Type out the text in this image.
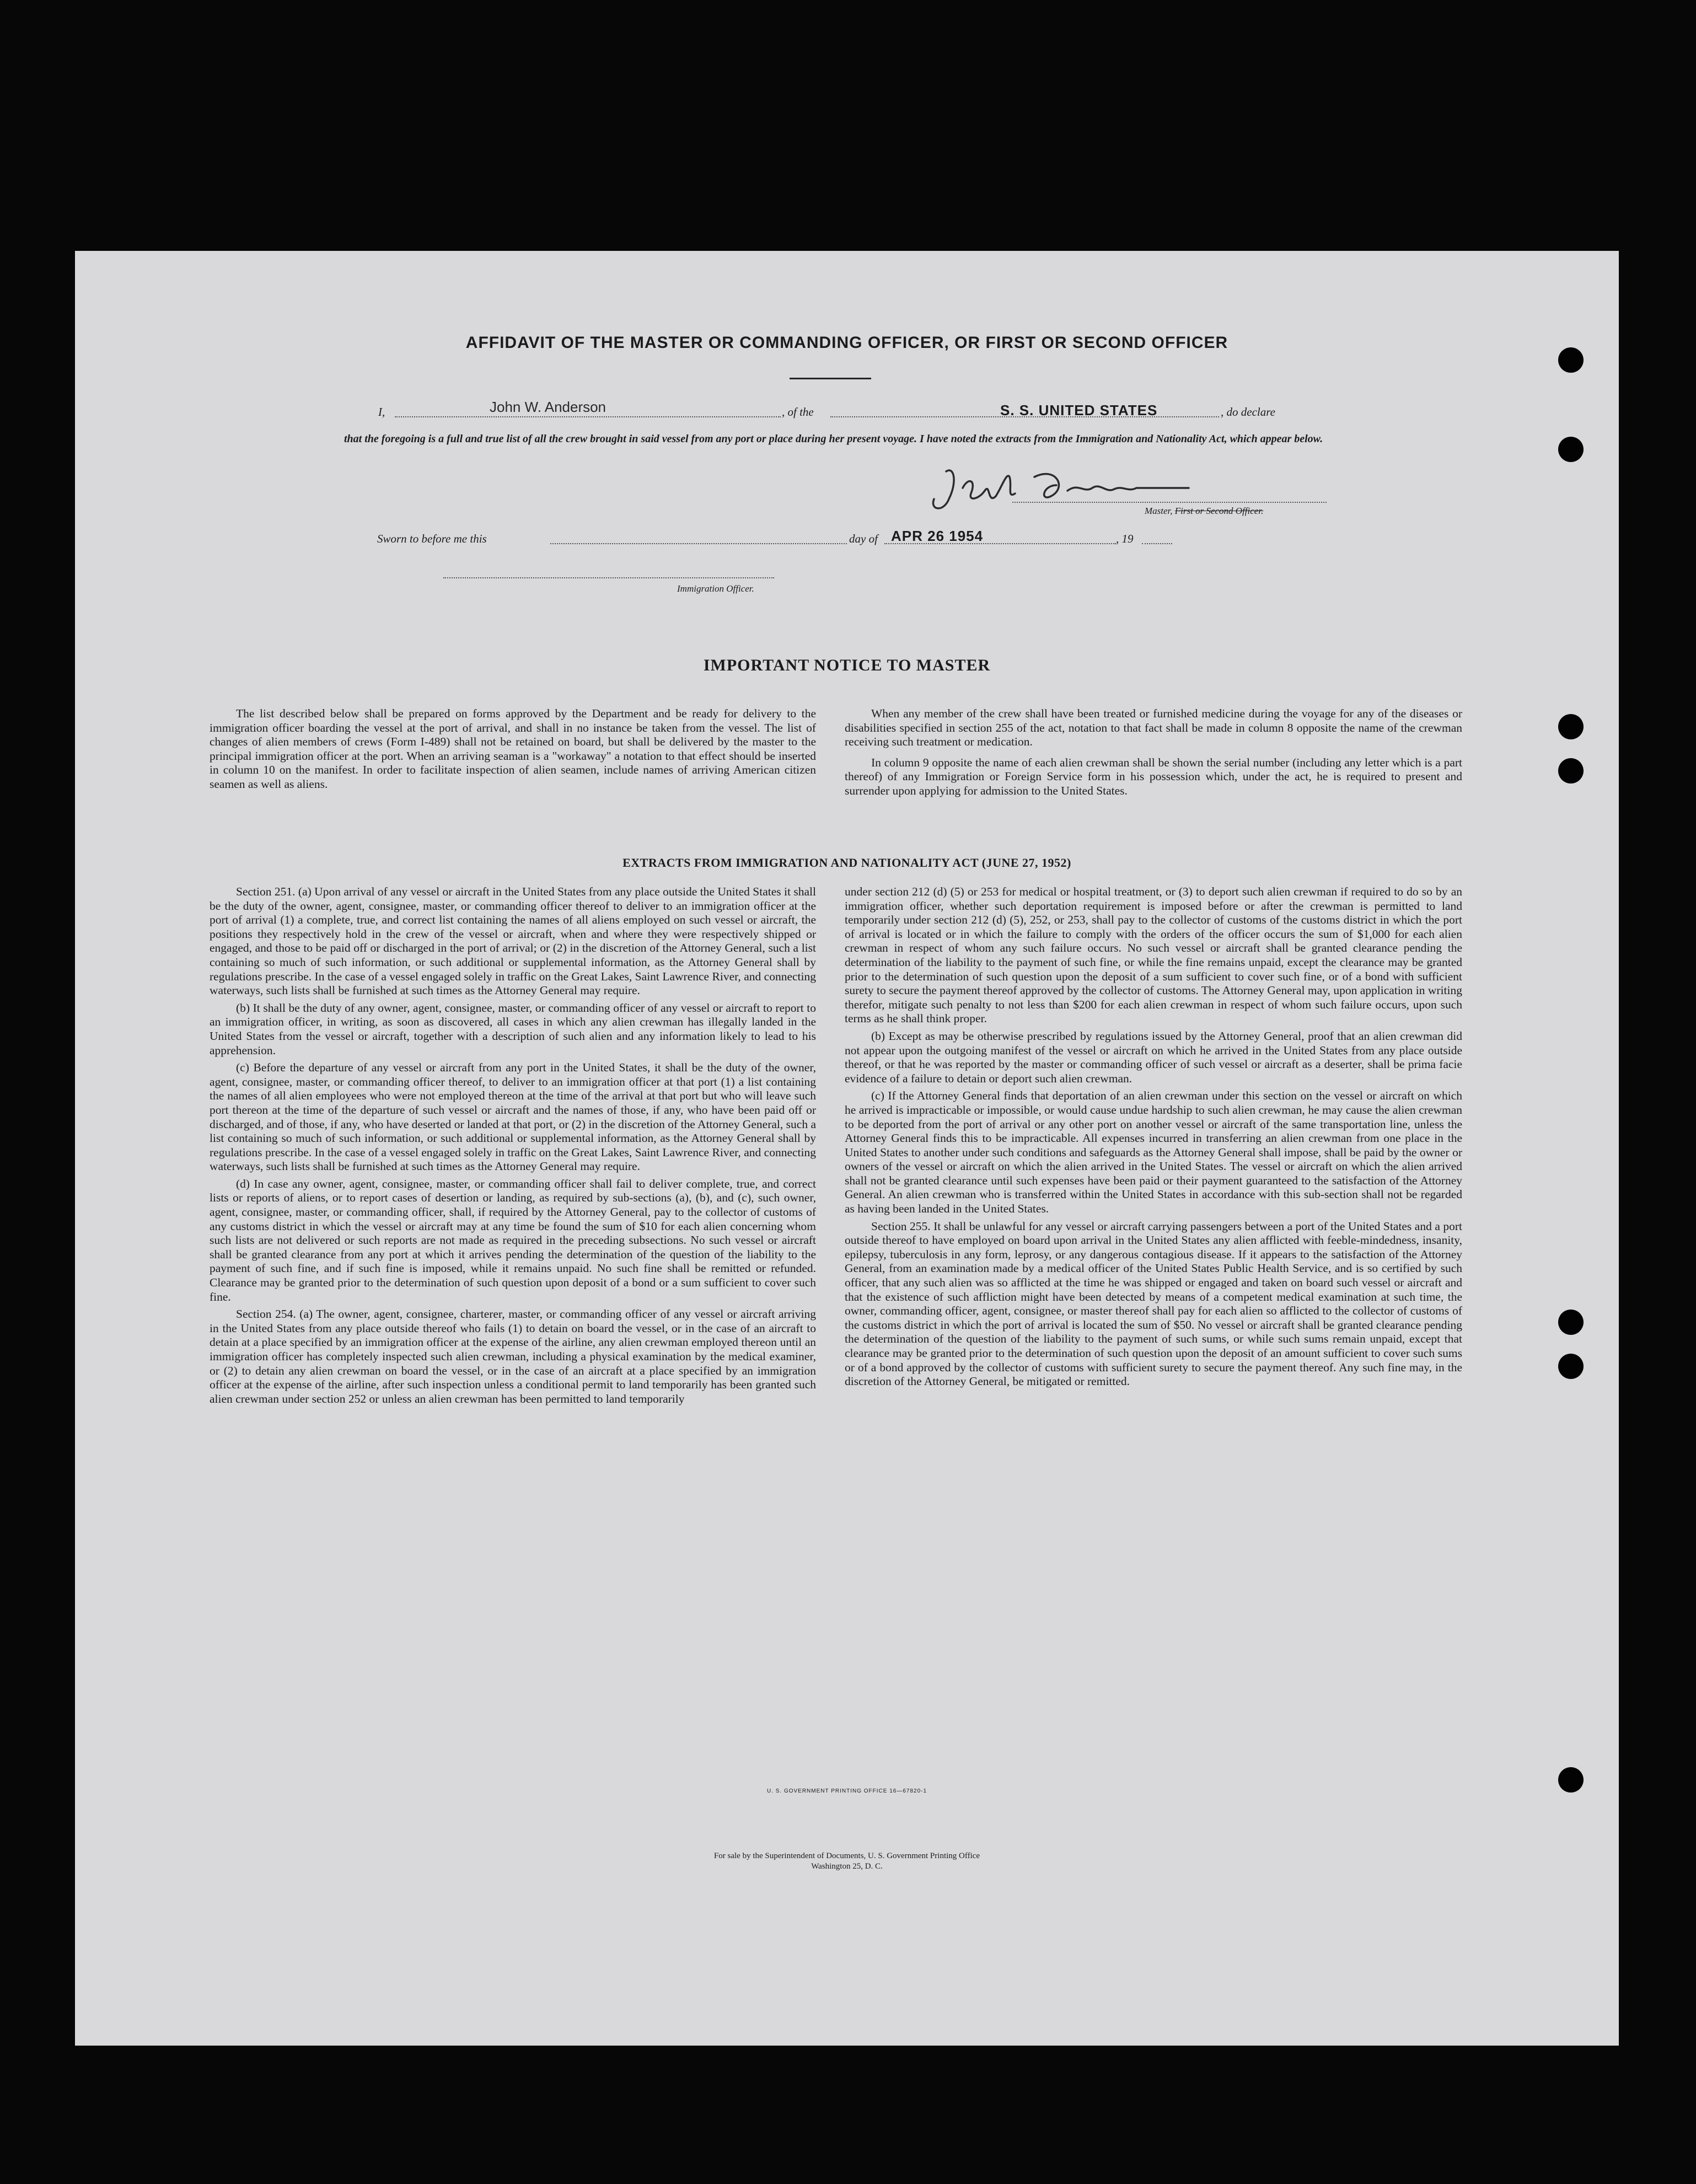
AFFIDAVIT OF THE MASTER OR COMMANDING OFFICER, OR FIRST OR SECOND OFFICER
I,	John W. Anderson	, of the	S. S. UNITED STATES	, do declare
that the foregoing is a full and true list of all the crew brought in said vessel from any port or place during her present voyage. I have noted the extracts from the Immigration and Nationality Act, which appear below.
Master, First or Second Officer.
Sworn to before me this	day of APR 26 1954	, 19
Immigration Officer.
IMPORTANT NOTICE TO MASTER

The list described below shall be prepared on forms approved by the Department and be ready for delivery to the immigration officer boarding the vessel at the port of arrival, and shall in no instance be taken from the vessel. The list of changes of alien members of crews (Form I-489) shall not be retained on board, but shall be delivered by the master to the principal immigration officer at the port. When an arriving seaman is a "workaway" a notation to that effect should be inserted in column 10 on the manifest. In order to facilitate inspection of alien seamen, include names of arriving American citizen seamen as well as aliens.

When any member of the crew shall have been treated or furnished medicine during the voyage for any of the diseases or disabilities specified in section 255 of the act, notation to that fact shall be made in column 8 opposite the name of the crewman receiving such treatment or medication.

In column 9 opposite the name of each alien crewman shall be shown the serial number (including any letter which is a part thereof) of any Immigration or Foreign Service form in his possession which, under the act, he is required to present and surrender upon applying for admission to the United States.

EXTRACTS FROM IMMIGRATION AND NATIONALITY ACT (JUNE 27, 1952)

Section 251. (a) Upon arrival of any vessel or aircraft in the United States from any place outside the United States it shall be the duty of the owner, agent, consignee, master, or commanding officer thereof to deliver to an immigration officer at the port of arrival (1) a complete, true, and correct list containing the names of all aliens employed on such vessel or aircraft, the positions they respectively hold in the crew of the vessel or aircraft, when and where they were respectively shipped or engaged, and those to be paid off or discharged in the port of arrival; or (2) in the discretion of the Attorney General, such a list containing so much of such information, or such additional or supplemental information, as the Attorney General shall by regulations prescribe. In the case of a vessel engaged solely in traffic on the Great Lakes, Saint Lawrence River, and connecting waterways, such lists shall be furnished at such times as the Attorney General may require.

(b) It shall be the duty of any owner, agent, consignee, master, or commanding officer of any vessel or aircraft to report to an immigration officer, in writing, as soon as discovered, all cases in which any alien crewman has illegally landed in the United States from the vessel or aircraft, together with a description of such alien and any information likely to lead to his apprehension.

(c) Before the departure of any vessel or aircraft from any port in the United States, it shall be the duty of the owner, agent, consignee, master, or commanding officer thereof, to deliver to an immigration officer at that port (1) a list containing the names of all alien employees who were not employed thereon at the time of the arrival at that port but who will leave such port thereon at the time of the departure of such vessel or aircraft and the names of those, if any, who have been paid off or discharged, and of those, if any, who have deserted or landed at that port, or (2) in the discretion of the Attorney General, such a list containing so much of such information, or such additional or supplemental information, as the Attorney General shall by regulations prescribe. In the case of a vessel engaged solely in traffic on the Great Lakes, Saint Lawrence River, and connecting waterways, such lists shall be furnished at such times as the Attorney General may require.

(d) In case any owner, agent, consignee, master, or commanding officer shall fail to deliver complete, true, and correct lists or reports of aliens, or to report cases of desertion or landing, as required by sub-sections (a), (b), and (c), such owner, agent, consignee, master, or commanding officer, shall, if required by the Attorney General, pay to the collector of customs of any customs district in which the vessel or aircraft may at any time be found the sum of $10 for each alien concerning whom such lists are not delivered or such reports are not made as required in the preceding subsections. No such vessel or aircraft shall be granted clearance from any port at which it arrives pending the determination of the question of the liability to the payment of such fine, and if such fine is imposed, while it remains unpaid. No such fine shall be remitted or refunded. Clearance may be granted prior to the determination of such question upon deposit of a bond or a sum sufficient to cover such fine.

Section 254. (a) The owner, agent, consignee, charterer, master, or commanding officer of any vessel or aircraft arriving in the United States from any place outside thereof who fails (1) to detain on board the vessel, or in the case of an aircraft to detain at a place specified by an immigration officer at the expense of the airline, any alien crewman employed thereon until an immigration officer has completely inspected such alien crewman, including a physical examination by the medical examiner, or (2) to detain any alien crewman on board the vessel, or in the case of an aircraft at a place specified by an immigration officer at the expense of the airline, after such inspection unless a conditional permit to land temporarily has been granted such alien crewman under section 252 or unless an alien crewman has been permitted to land temporarily

under section 212 (d) (5) or 253 for medical or hospital treatment, or (3) to deport such alien crewman if required to do so by an immigration officer, whether such deportation requirement is imposed before or after the crewman is permitted to land temporarily under section 212 (d) (5), 252, or 253, shall pay to the collector of customs of the customs district in which the port of arrival is located or in which the failure to comply with the orders of the officer occurs the sum of $1,000 for each alien crewman in respect of whom any such failure occurs. No such vessel or aircraft shall be granted clearance pending the determination of the liability to the payment of such fine, or while the fine remains unpaid, except the clearance may be granted prior to the determination of such question upon the deposit of a sum sufficient to cover such fine, or of a bond with sufficient surety to secure the payment thereof approved by the collector of customs. The Attorney General may, upon application in writing therefor, mitigate such penalty to not less than $200 for each alien crewman in respect of whom such failure occurs, upon such terms as he shall think proper.

(b) Except as may be otherwise prescribed by regulations issued by the Attorney General, proof that an alien crewman did not appear upon the outgoing manifest of the vessel or aircraft on which he arrived in the United States from any place outside thereof, or that he was reported by the master or commanding officer of such vessel or aircraft as a deserter, shall be prima facie evidence of a failure to detain or deport such alien crewman.

(c) If the Attorney General finds that deportation of an alien crewman under this section on the vessel or aircraft on which he arrived is impracticable or impossible, or would cause undue hardship to such alien crewman, he may cause the alien crewman to be deported from the port of arrival or any other port on another vessel or aircraft of the same transportation line, unless the Attorney General finds this to be impracticable. All expenses incurred in transferring an alien crewman from one place in the United States to another under such conditions and safeguards as the Attorney General shall impose, shall be paid by the owner or owners of the vessel or aircraft on which the alien arrived in the United States. The vessel or aircraft on which the alien arrived shall not be granted clearance until such expenses have been paid or their payment guaranteed to the satisfaction of the Attorney General. An alien crewman who is transferred within the United States in accordance with this sub-section shall not be regarded as having been landed in the United States.

Section 255. It shall be unlawful for any vessel or aircraft carrying passengers between a port of the United States and a port outside thereof to have employed on board upon arrival in the United States any alien afflicted with feeble-mindedness, insanity, epilepsy, tuberculosis in any form, leprosy, or any dangerous contagious disease. If it appears to the satisfaction of the Attorney General, from an examination made by a medical officer of the United States Public Health Service, and is so certified by such officer, that any such alien was so afflicted at the time he was shipped or engaged and taken on board such vessel or aircraft and that the existence of such affliction might have been detected by means of a competent medical examination at such time, the owner, commanding officer, agent, consignee, or master thereof shall pay for each alien so afflicted to the collector of customs of the customs district in which the port of arrival is located the sum of $50. No vessel or aircraft shall be granted clearance pending the determination of the question of the liability to the payment of such sums, or while such sums remain unpaid, except that clearance may be granted prior to the determination of such question upon the deposit of an amount sufficient to cover such sums or of a bond approved by the collector of customs with sufficient surety to secure the payment thereof. Any such fine may, in the discretion of the Attorney General, be mitigated or remitted.

U. S. GOVERNMENT PRINTING OFFICE 16—67820-1
For sale by the Superintendent of Documents, U. S. Government Printing Office
Washington 25, D. C.
